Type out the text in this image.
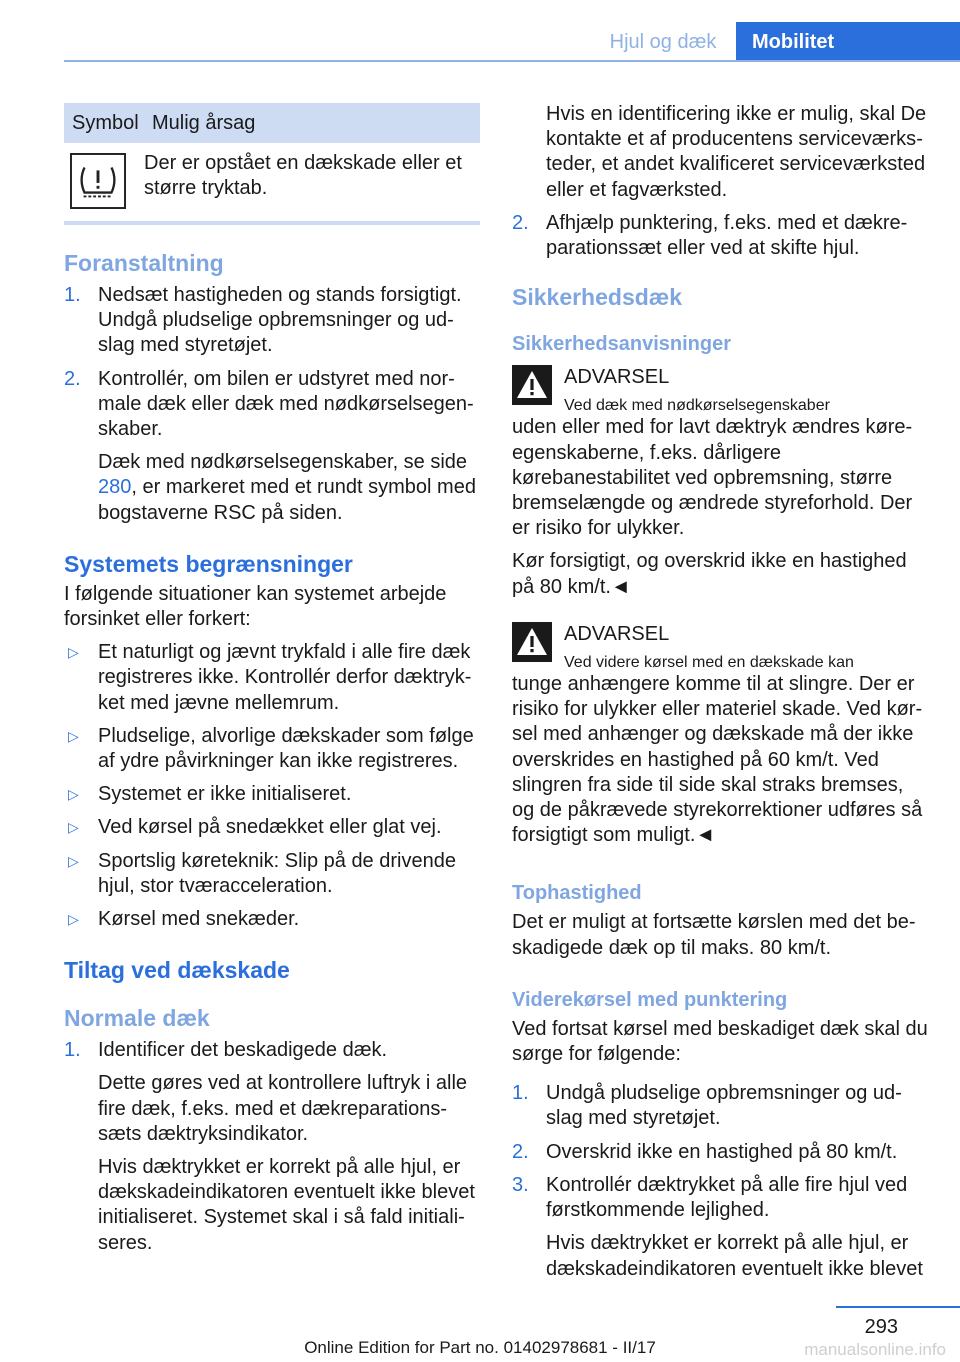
Hjul og dæk	Mobilitet
Symbol	Mulig årsag

	Der er opstået en dækskade eller et større tryktab.
Foranstaltning
1. Nedsæt hastigheden og stands forsigtigt. Undgå pludselige opbremsninger og udslag med styretøjet.
2. Kontrollér, om bilen er udstyret med normale dæk eller dæk med nødkørselsegenskaber.
Dæk med nødkørselsegenskaber, se side 280, er markeret med et rundt symbol med bogstaverne RSC på siden.
Systemets begrænsninger

I følgende situationer kan systemet arbejde forsinket eller forkert:

▷ Et naturligt og jævnt trykfald i alle fire dæk registreres ikke. Kontrollér derfor dæktrykket med jævne mellemrum.
▷ Pludselige, alvorlige dækskader som følge af ydre påvirkninger kan ikke registreres.
▷ Systemet er ikke initialiseret.
▷ Ved kørsel på snedækket eller glat vej.
▷ Sportslig køreteknik: Slip på de drivende hjul, stor tværacceleration.
▷ Kørsel med snekæder.
Tiltag ved dækskade
Normale dæk
1. Identificer det beskadigede dæk.
Dette gøres ved at kontrollere luftryk i alle fire dæk, f.eks. med et dækreparationssæts dæktryksindikator.
Hvis dæktrykket er korrekt på alle hjul, er dækskadeindikatoren eventuelt ikke blevet initialiseret. Systemet skal i så fald initialiseres.
Hvis en identificering ikke er mulig, skal De kontakte et af producentens serviceværksteder, et andet kvalificeret serviceværksted eller et fagværksted.
2. Afhjælp punktering, f.eks. med et dækreparationssæt eller ved at skifte hjul.
Sikkerhedsdæk
Sikkerhedsanvisninger
ADVARSEL
Ved dæk med nødkørselsegenskaber

uden eller med for lavt dæktryk ændres køreegenskaberne, f.eks. dårligere kørebanestabilitet ved opbremsning, større bremselængde og ændrede styreforhold. Der er risiko for ulykker.

Kør forsigtigt, og overskrid ikke en hastighed på 80 km/t.◄

ADVARSEL
Ved videre kørsel med en dækskade kan

tunge anhængere komme til at slingre. Der er risiko for ulykker eller materiel skade. Ved kørsel med anhænger og dækskade må der ikke overskrides en hastighed på 60 km/t. Ved slingren fra side til side skal straks bremses, og de påkrævede styrekorrektioner udføres så forsigtigt som muligt.◄

Tophastighed

Det er muligt at fortsætte kørslen med det beskadigede dæk op til maks. 80 km/t.

Viderekørsel med punktering

Ved fortsat kørsel med beskadiget dæk skal du sørge for følgende:

1. Undgå pludselige opbremsninger og udslag med styretøjet.
2. Overskrid ikke en hastighed på 80 km/t.
3. Kontrollér dæktrykket på alle fire hjul ved førstkommende lejlighed.
Hvis dæktrykket er korrekt på alle hjul, er dækskadeindikatoren eventuelt ikke blevet
293
Online Edition for Part no. 01402978681 - II/17	manualsonline.info
